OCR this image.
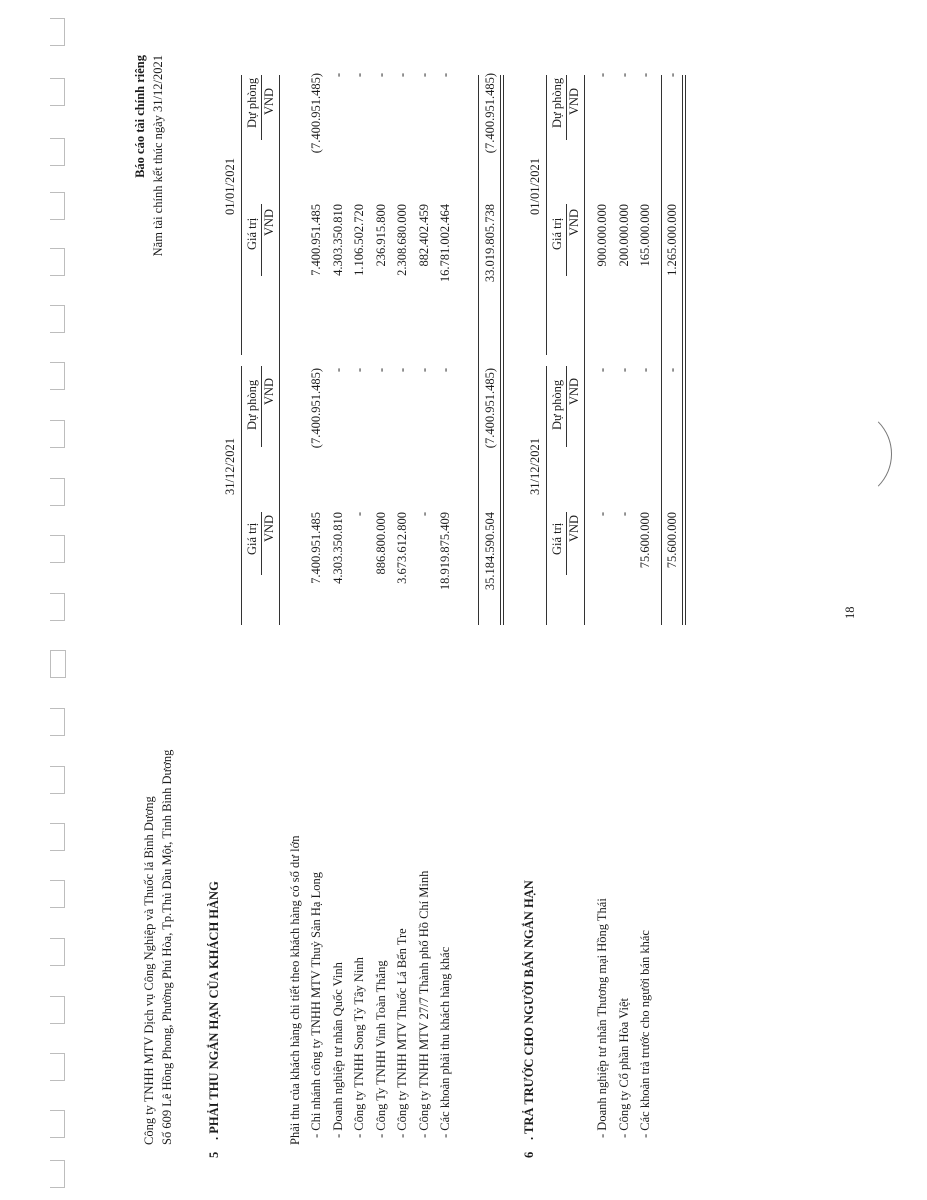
Công ty TNHH MTV Dịch vụ Công Nghiệp và Thuốc lá Bình Dương Số 609 Lê Hồng Phong, Phường Phú Hòa, Tp.Thủ Dầu Một, Tỉnh Bình Dương
Báo cáo tài chính riêng Năm tài chính kết thúc ngày 31/12/2021
5
. PHẢI THU NGẮN HẠN CỦA KHÁCH HÀNG
31/12/2021
01/01/2021
Giá trị
Dự phòng
Giá trị
Dự phòng
VND
VND
VND
VND
Phải thu của khách hàng chi tiết theo khách hàng có số dư lớn - Chi nhánh công ty TNHH MTV Thuỷ Sản Hạ Long
7.400.951.485
(7.400.951.485)
7.400.951.485
(7.400.951.485)
- Doanh nghiệp tư nhân Quốc Vinh
4.303.350.810
-
4.303.350.810
-
- Công ty TNHH Song Tỷ Tây Ninh
-
-
1.106.502.720
-
- Công Ty TNHH Vinh Toàn Thắng
886.800.000
-
236.915.800
-
- Công ty TNHH MTV Thuốc Lá Bến Tre
3.673.612.800
-
2.308.680.000
-
- Công ty TNHH MTV 27/7 Thành phố Hồ Chí Minh
-
-
882.402.459
-
- Các khoản phải thu khách hàng khác
18.919.875.409
-
16.781.002.464
-
35.184.590.504
(7.400.951.485)
33.019.805.738
(7.400.951.485)
6
. TRẢ TRƯỚC CHO NGƯỜI BÁN NGẮN HẠN
31/12/2021
01/01/2021
Giá trị
Dự phòng
Giá trị
Dự phòng
VND
VND
VND
VND
- Doanh nghiệp tư nhân Thương mại Hồng Thái
-
-
900.000.000
-
- Công ty Cổ phần Hòa Việt
-
-
200.000.000
-
- Các khoản trả trước cho người bán khác
75.600.000
-
165.000.000
-
75.600.000
-
1.265.000.000
-
18
